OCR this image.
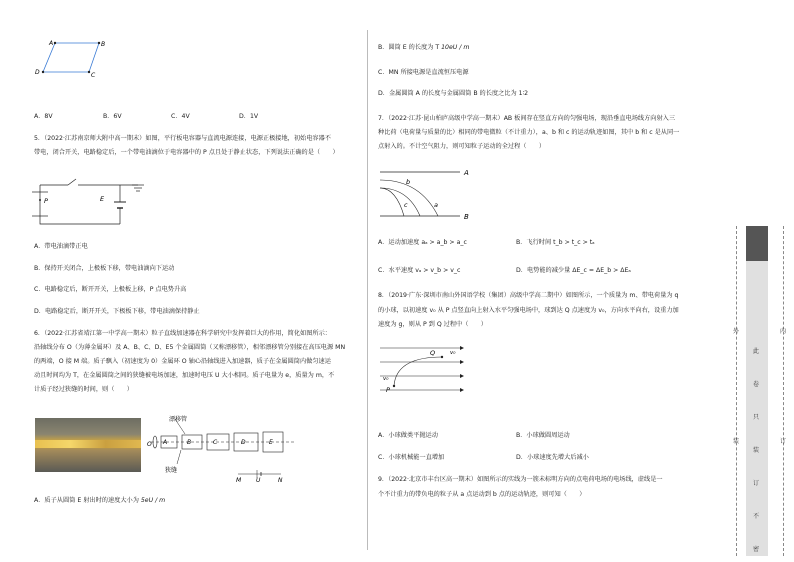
A	B
C
D
A．8V	B．6V	C．4V	D．1V
5．（2022·江苏南京师大附中高一期末）如图，平行板电容器与直流电源连接，电源正极接地，初始电容器不
带电，闭合开关，电路稳定后，一个带电油滴位于电容器中的 P 点且处于静止状态，下列说法正确的是（　　）
P	E
A．带电油滴带正电
B．保持开关闭合，上极板下移，带电油滴向下运动
C．电路稳定后，断开开关，上极板上移，P 点电势升高
D．电路稳定后，断开开关，下极板下移，带电油滴保持静止
6．（2022·江苏省靖江第一中学高一期末）粒子直线加速器在科学研究中发挥着巨大的作用，简化如图所示：
沿轴线分布 O（为薄金属环）及 A、B、C、D、E5 个金属圆筒（又称漂移管），相邻漂移管分别接在高压电源 MN
的两端，O 接 M 端。质子飘入（初速度为 0）金属环 O 轴心沿轴线进入加速器，质子在金属圆筒内做匀速运
动且时间均为 T，在金属圆筒之间的狭缝被电场加速，加速时电压 U 大小相同。质子电量为 e，质量为 m，不
计质子经过狭缝的时间，则（　　）
漂移管
狭缝
O A	B	C	D	E
M U	N
A．质子从圆筒 E 射出时的速度大小为 5eU / m
B．圆筒 E 的长度为 T 10eU / m
C．MN 所接电源是直流恒压电源
D．金属圆筒 A 的长度与金属圆筒 B 的长度之比为 1∶2
7．（2022·江苏·昆山柏庐高级中学高一期末）AB 板间存在竖直方向的匀强电场，现沿垂直电场线方向射入三
种比荷（电荷量与质量的比）相同的带电微粒（不计重力），a、b 和 c 的运动轨迹如图，其中 b 和 c 是从同一
点射入的。不计空气阻力，则可知粒子运动的全过程（　　）
A
B
b
c	a
A．运动加速度 aₐ > a_b > a_c	B．飞行时间 t_b > t_c > tₐ
C．水平速度 vₐ > v_b > v_c	D．电势能的减少量 ΔE_c = ΔE_b > ΔEₐ
8．（2019·广东·深圳市南山外国语学校（集团）高级中学高二期中）如图所示，一个质量为 m、带电荷量为 q
的小球，以初速度 v₀ 从 P 点竖直向上射入水平匀强电场中，球到达 Q 点速度为 v₀，方向水平向右，设重力加
速度为 g，则从 P 到 Q 过程中（　　）
Q	v₀
v₀
P
A．小球做类平抛运动	B．小球做圆周运动
C．小球机械能一直增加	D．小球速度先增大后减小
9．（2022·北京市丰台区高一期末）如图所示的实线为一簇未标明方向的点电荷电场的电场线，虚线是一
个不计重力的带负电的粒子从 a 点运动到 b 点的运动轨迹，则可知（　　）
此
卷
只
装
订
不
密
外
装
内
订
